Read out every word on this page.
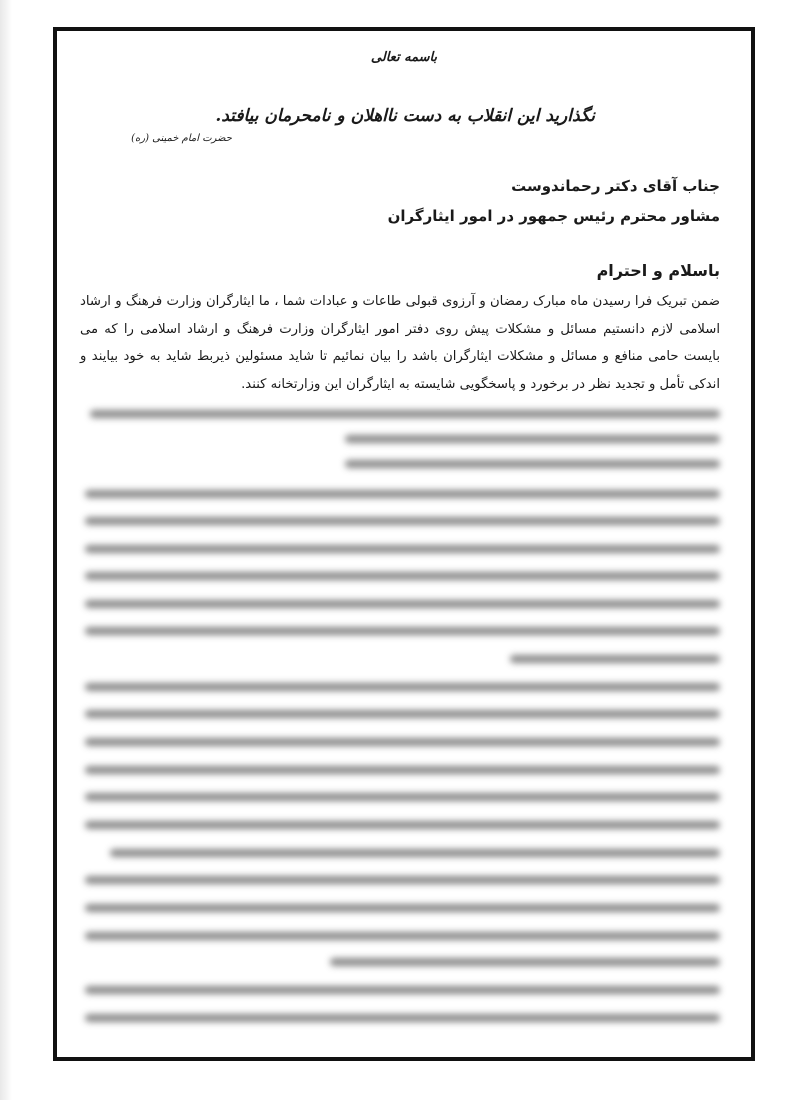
باسمه تعالی
نگذارید این انقلاب به دست نااهلان و نامحرمان بیافتد.
حضرت امام خمینی (ره)
جناب آقای دکتر رحماندوست
مشاور محترم رئیس جمهور در امور ایثارگران
باسلام و احترام
ضمن تبریک فرا رسیدن ماه مبارک رمضان و آرزوی قبولی طاعات و عبادات شما ، ما ایثارگران وزارت فرهنگ و ارشاد اسلامی لازم دانستیم مسائل و مشکلات پیش روی دفتر امور ایثارگران وزارت فرهنگ و ارشاد اسلامی را که می بایست حامی منافع و مسائل و مشکلات ایثارگران باشد را بیان نمائیم تا شاید مسئولین ذیربط شاید به خود بیایند و اندکی تأمل و تجدید نظر در برخورد و پاسخگویی شایسته به ایثارگران این وزارتخانه کنند.
